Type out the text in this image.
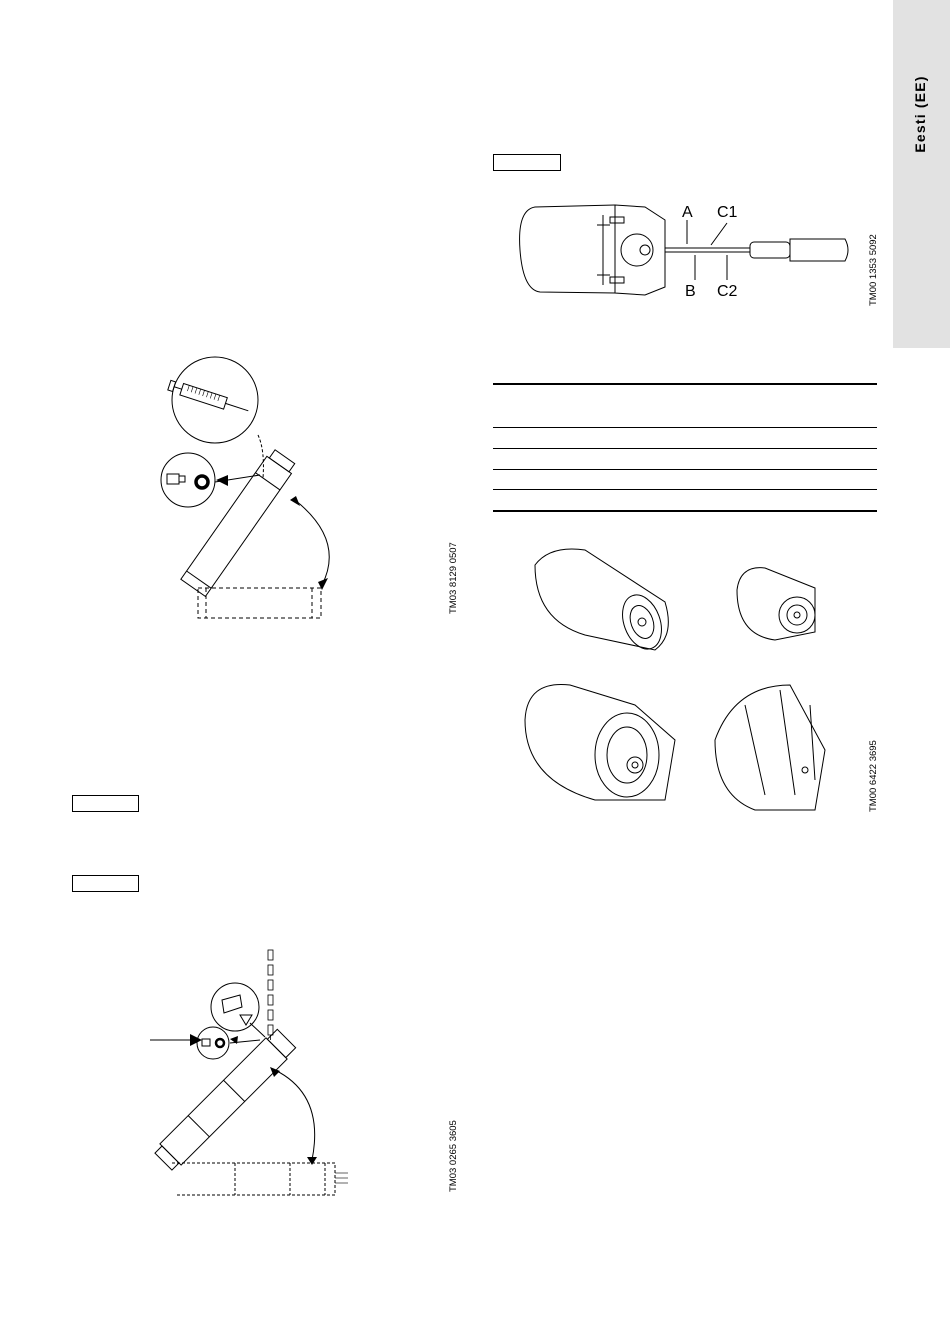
Eesti (EE)
TM03 8129 0507
TM00 1353 5092
TM00 6422 3695
TM03 0265 3605
A C1
B C2
